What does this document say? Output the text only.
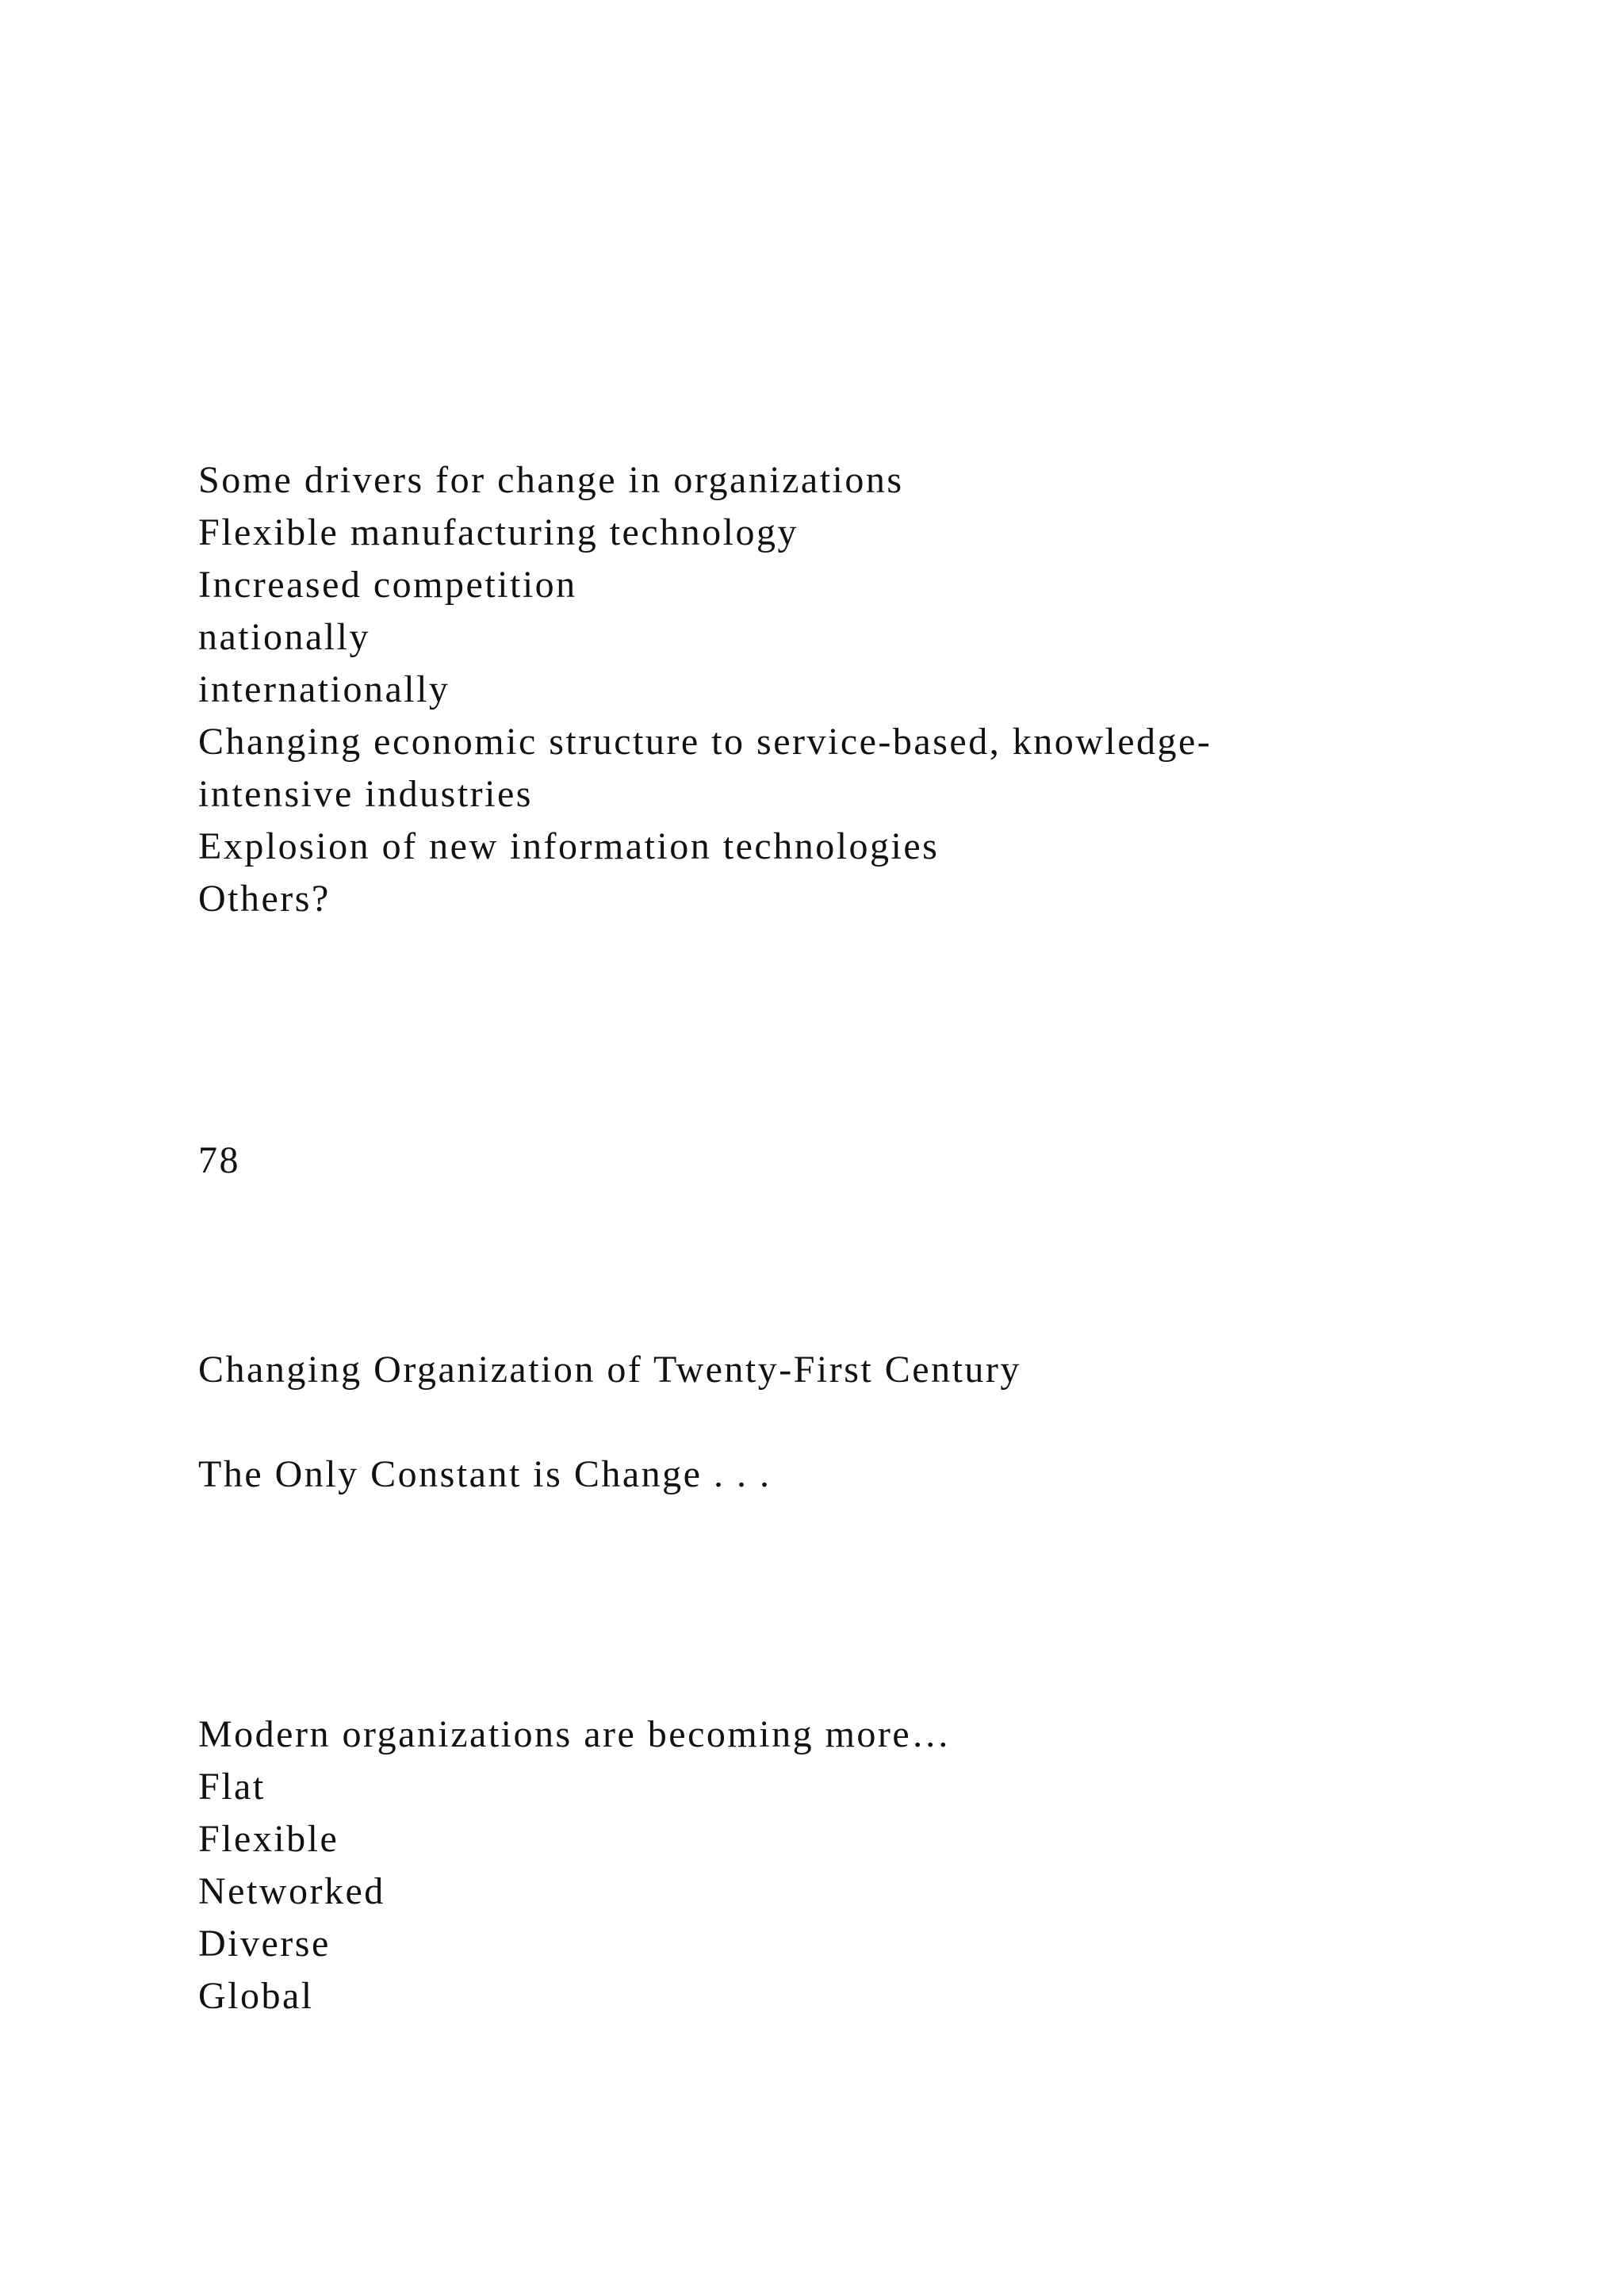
Some drivers for change in organizations

Flexible manufacturing technology

Increased competition

nationally

internationally

Changing economic structure to service-based, knowledge-

intensive industries

Explosion of new information technologies

Others?

78

Changing Organization of Twenty-First Century

The Only Constant is Change . . .

Modern organizations are becoming more…

Flat

Flexible

Networked

Diverse

Global
